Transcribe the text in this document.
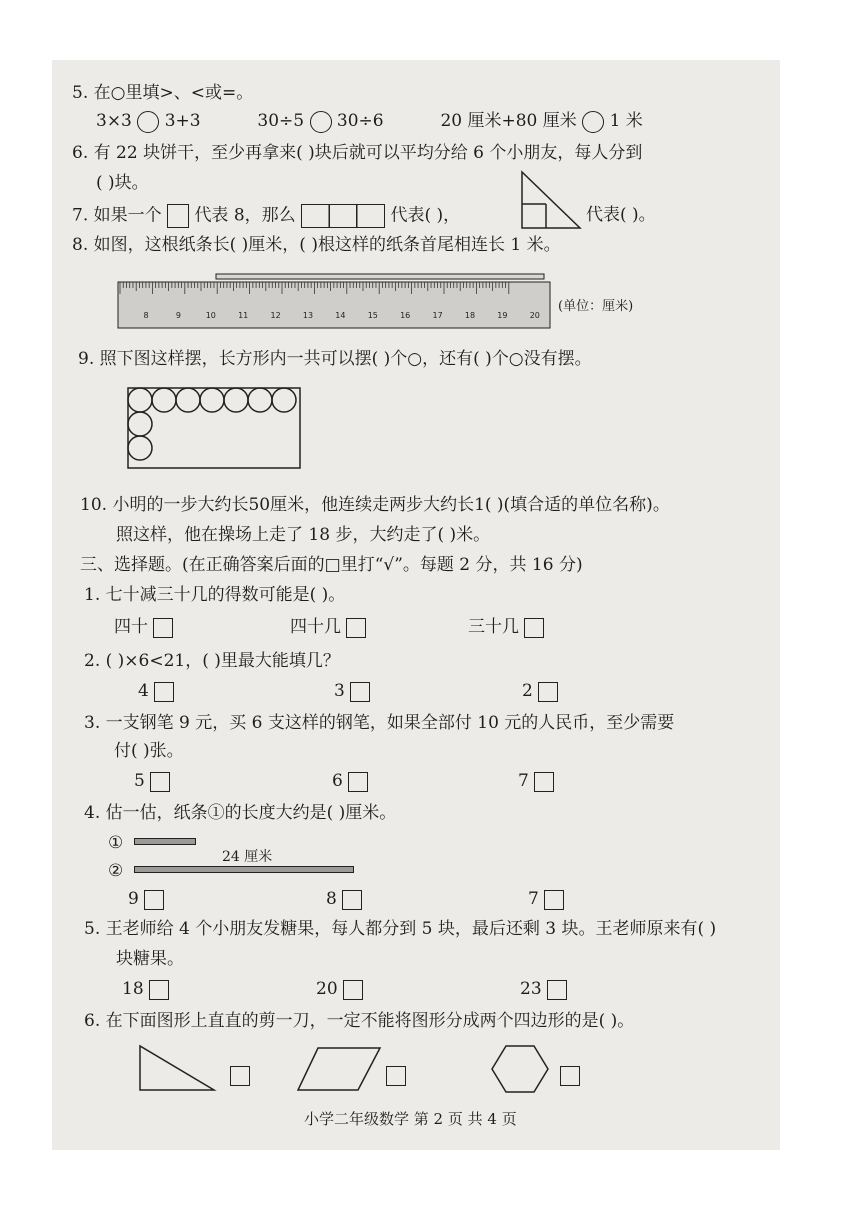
5. 在○里填>、<或=。
3×3 3+3	30÷5 30÷6	20 厘米+80 厘米 1 米
6. 有 22 块饼干，至少再拿来( )块后就可以平均分给 6 个小朋友，每人分到
( )块。
7. 如果一个 代表 8，那么	代表( )，	代表( )。
8. 如图，这根纸条长( )厘米，( )根这样的纸条首尾相连长 1 米。
8	9	10	11	12	13	14	15	16	17	18	19	20
(单位：厘米)
9. 照下图这样摆，长方形内一共可以摆( )个○，还有( )个○没有摆。
10. 小明的一步大约长50厘米，他连续走两步大约长1( )(填合适的单位名称)。
照这样，他在操场上走了 18 步，大约走了( )米。
三、选择题。(在正确答案后面的□里打“√”。每题 2 分，共 16 分)
1. 七十减三十几的得数可能是( )。
四十	四十几	三十几
2. ( )×6<21，( )里最大能填几？
4	3	2
3. 一支钢笔 9 元，买 6 支这样的钢笔，如果全部付 10 元的人民币，至少需要
付( )张。
5	6	7
4. 估一估，纸条①的长度大约是( )厘米。
①
②
24 厘米
9	8	7
5. 王老师给 4 个小朋友发糖果，每人都分到 5 块，最后还剩 3 块。王老师原来有( )
块糖果。
18	20	23
6. 在下面图形上直直的剪一刀，一定不能将图形分成两个四边形的是( )。
小学二年级数学 第 2 页 共 4 页
